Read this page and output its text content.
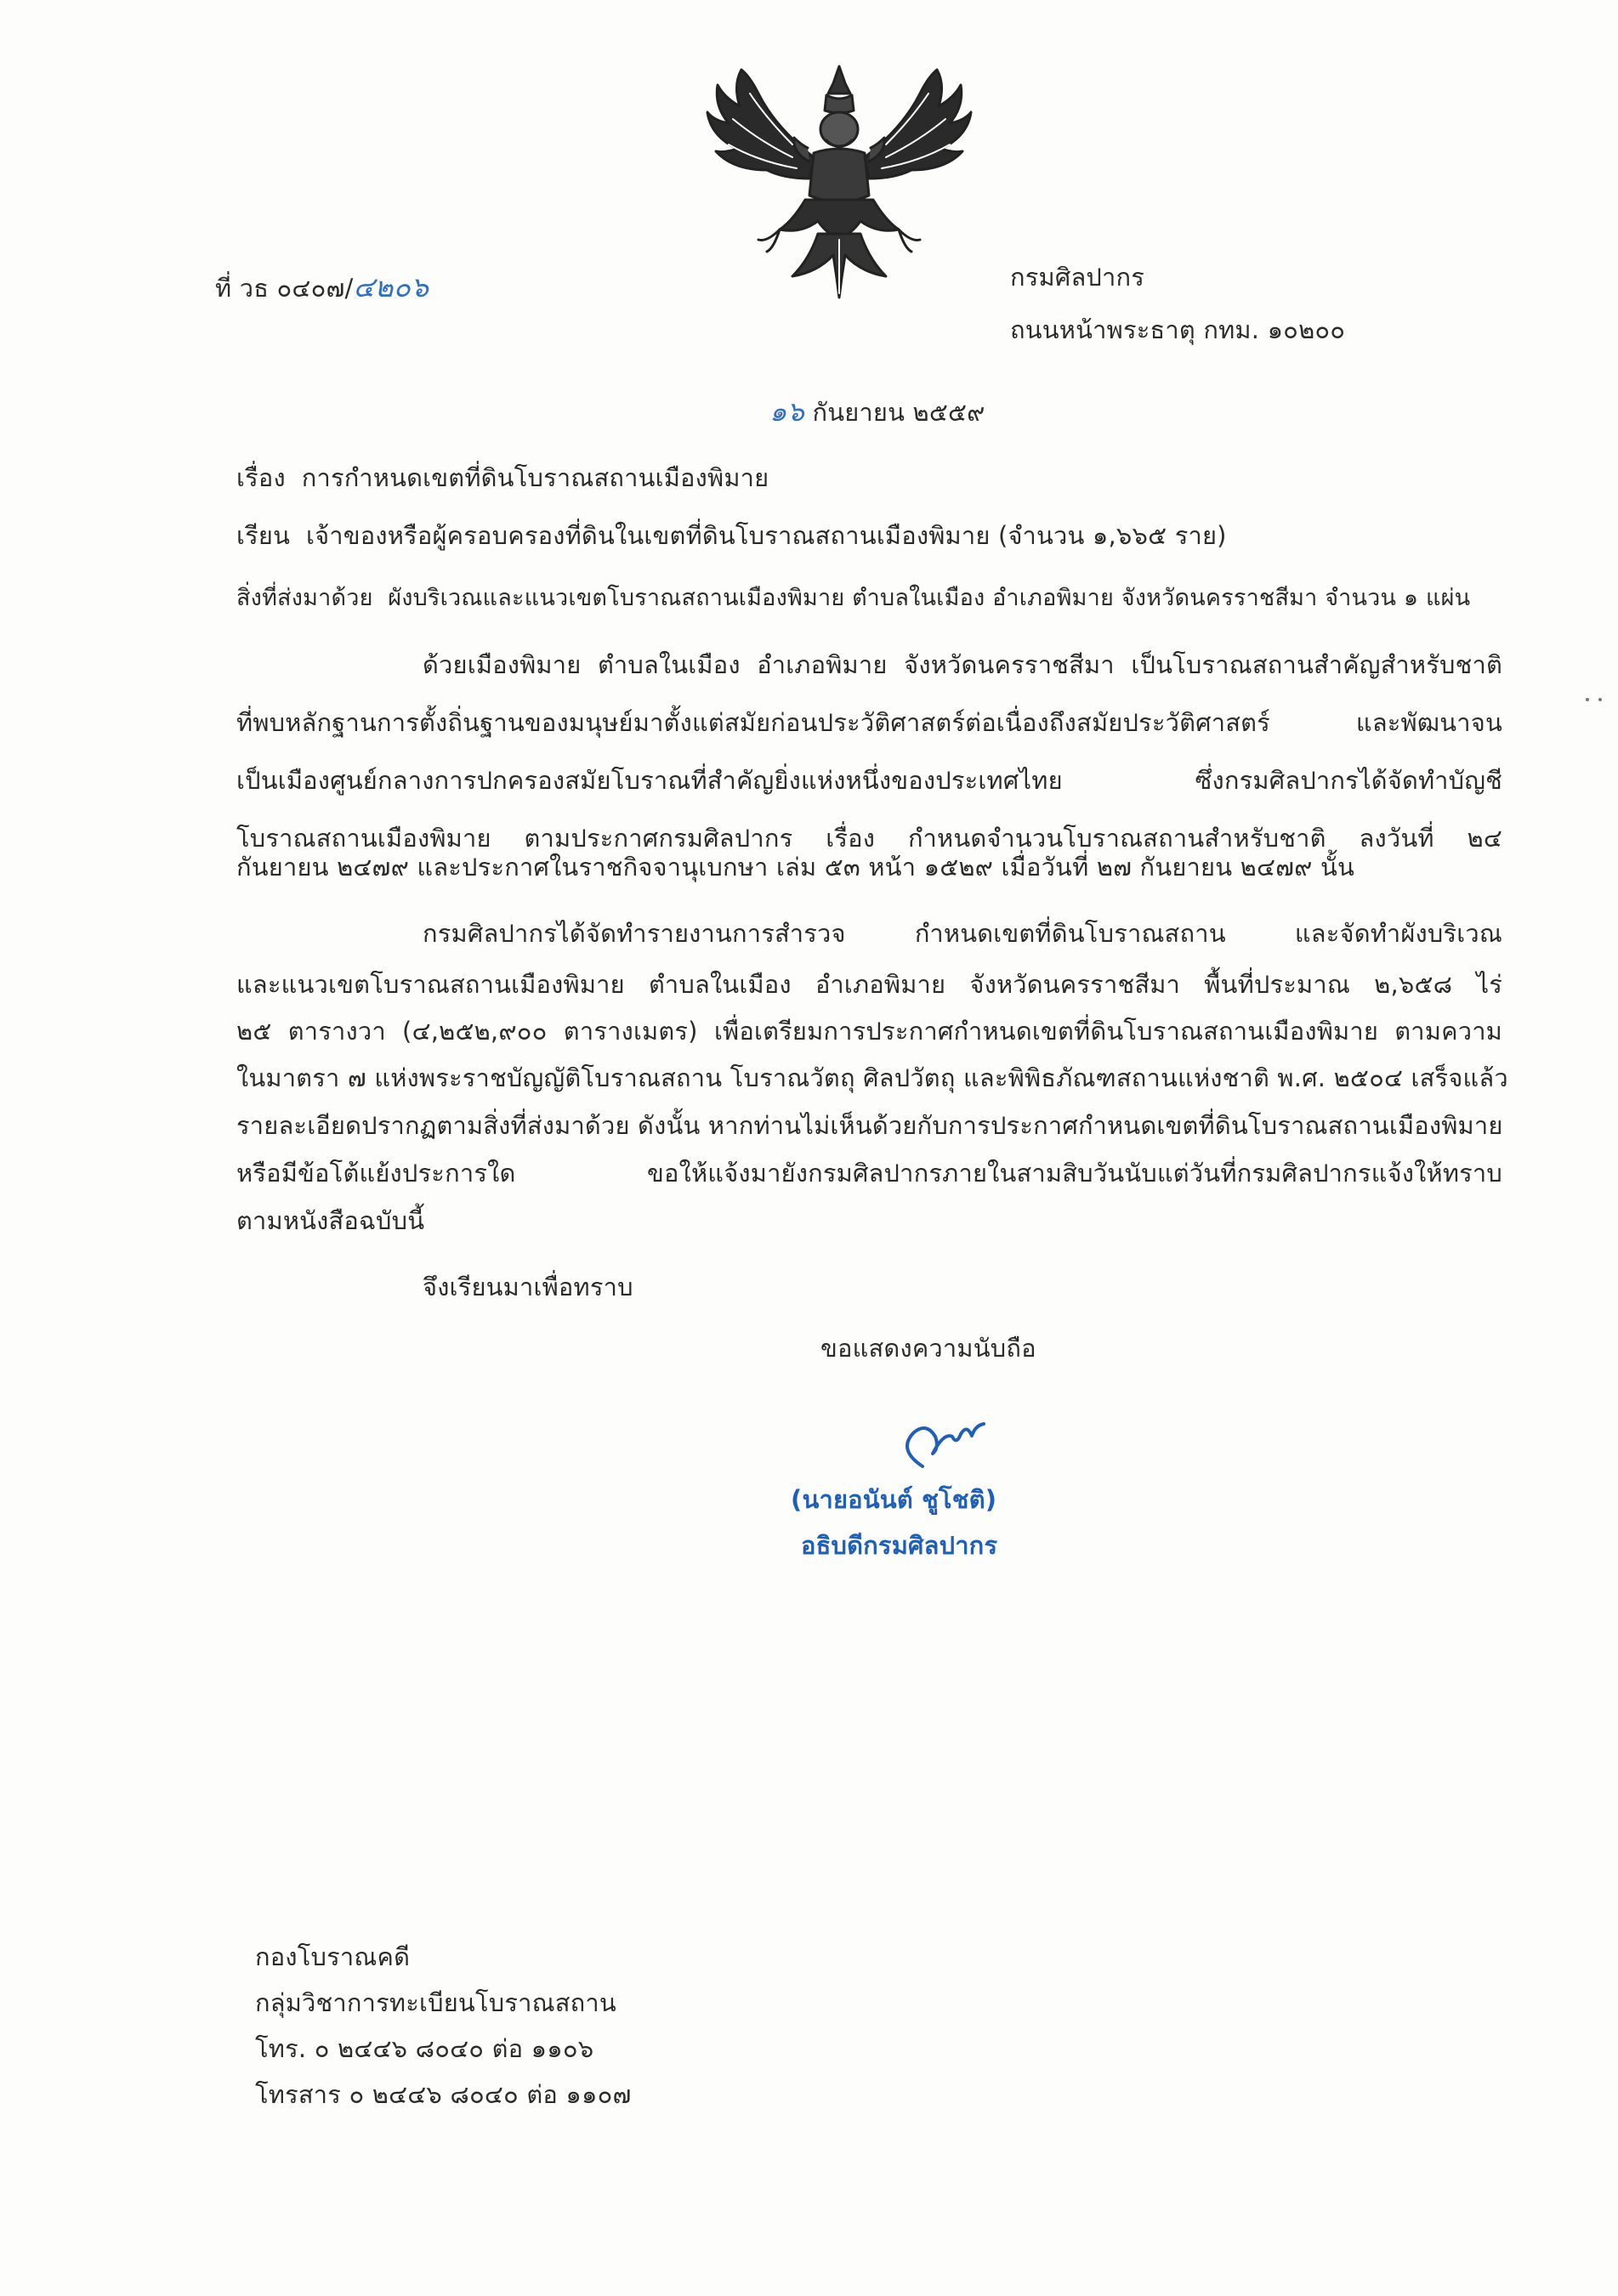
ที่ วธ ๐๔๐๗/๔๒๐๖	กรมศิลปากร
ถนนหน้าพระธาตุ กทม. ๑๐๒๐๐
๑๖ กันยายน ๒๕๕๙
เรื่อง การกำหนดเขตที่ดินโบราณสถานเมืองพิมาย
เรียน เจ้าของหรือผู้ครอบครองที่ดินในเขตที่ดินโบราณสถานเมืองพิมาย (จำนวน ๑,๖๖๕ ราย)
สิ่งที่ส่งมาด้วย ผังบริเวณและแนวเขตโบราณสถานเมืองพิมาย ตำบลในเมือง อำเภอพิมาย จังหวัดนครราชสีมา จำนวน ๑ แผ่น
ด้วยเมืองพิมาย ตำบลในเมือง อำเภอพิมาย จังหวัดนครราชสีมา เป็นโบราณสถานสำคัญสำหรับชาติ
ที่พบหลักฐานการตั้งถิ่นฐานของมนุษย์มาตั้งแต่สมัยก่อนประวัติศาสตร์ต่อเนื่องถึงสมัยประวัติศาสตร์ และพัฒนาจน
เป็นเมืองศูนย์กลางการปกครองสมัยโบราณที่สำคัญยิ่งแห่งหนึ่งของประเทศไทย ซึ่งกรมศิลปากรได้จัดทำบัญชี
โบราณสถานเมืองพิมาย ตามประกาศกรมศิลปากร เรื่อง กำหนดจำนวนโบราณสถานสำหรับชาติ ลงวันที่ ๒๔
กันยายน ๒๔๗๙ และประกาศในราชกิจจานุเบกษา เล่ม ๕๓ หน้า ๑๕๒๙ เมื่อวันที่ ๒๗ กันยายน ๒๔๗๙ นั้น
กรมศิลปากรได้จัดทำรายงานการสำรวจ กำหนดเขตที่ดินโบราณสถาน และจัดทำผังบริเวณ
และแนวเขตโบราณสถานเมืองพิมาย ตำบลในเมือง อำเภอพิมาย จังหวัดนครราชสีมา พื้นที่ประมาณ ๒,๖๕๘ ไร่
๒๕ ตารางวา (๔,๒๕๒,๙๐๐ ตารางเมตร) เพื่อเตรียมการประกาศกำหนดเขตที่ดินโบราณสถานเมืองพิมาย ตามความ
ในมาตรา ๗ แห่งพระราชบัญญัติโบราณสถาน โบราณวัตถุ ศิลปวัตถุ และพิพิธภัณฑสถานแห่งชาติ พ.ศ. ๒๕๐๔ เสร็จแล้ว
รายละเอียดปรากฏตามสิ่งที่ส่งมาด้วย ดังนั้น หากท่านไม่เห็นด้วยกับการประกาศกำหนดเขตที่ดินโบราณสถานเมืองพิมาย
หรือมีข้อโต้แย้งประการใด ขอให้แจ้งมายังกรมศิลปากรภายในสามสิบวันนับแต่วันที่กรมศิลปากรแจ้งให้ทราบ
ตามหนังสือฉบับนี้
จึงเรียนมาเพื่อทราบ
ขอแสดงความนับถือ
(นายอนันต์ ชูโชติ)
อธิบดีกรมศิลปากร
กองโบราณคดี
กลุ่มวิชาการทะเบียนโบราณสถาน
โทร. ๐ ๒๔๔๖ ๘๐๔๐ ต่อ ๑๑๐๖
โทรสาร ๐ ๒๔๔๖ ๘๐๔๐ ต่อ ๑๑๐๗
